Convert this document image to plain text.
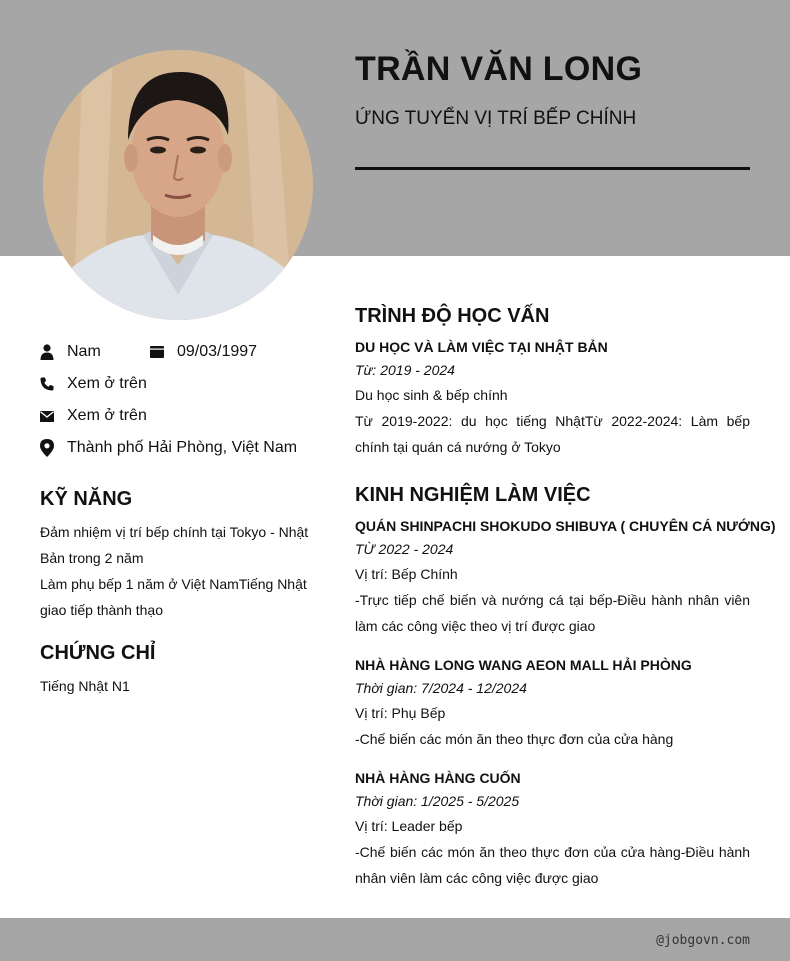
TRẦN VĂN LONG
ỨNG TUYỂN VỊ TRÍ BẾP CHÍNH
Nam	09/03/1997
Xem ở trên
Xem ở trên
Thành phố Hải Phòng, Việt Nam
KỸ NĂNG
Đảm nhiệm vị trí bếp chính tại Tokyo - Nhật Bản trong 2 năm
Làm phụ bếp 1 năm ở Việt NamTiếng Nhật giao tiếp thành thạo
CHỨNG CHỈ
Tiếng Nhật N1
TRÌNH ĐỘ HỌC VẤN
DU HỌC VÀ LÀM VIỆC TẠI NHẬT BẢN
Từ: 2019 - 2024
Du học sinh & bếp chính
Từ 2019-2022: du học tiếng NhậtTừ 2022-2024: Làm bếp chính tại quán cá nướng ở Tokyo
KINH NGHIỆM LÀM VIỆC
QUÁN SHINPACHI SHOKUDO SHIBUYA ( CHUYÊN CÁ NƯỚNG)
TỪ 2022 - 2024
Vị trí: Bếp Chính
-Trực tiếp chế biến và nướng cá tại bếp-Điều hành nhân viên làm các công việc theo vị trí được giao
NHÀ HÀNG LONG WANG AEON MALL HẢI PHÒNG
Thời gian: 7/2024 - 12/2024
Vị trí: Phụ Bếp
-Chế biến các món ăn theo thực đơn của cửa hàng
NHÀ HÀNG HÀNG CUỐN
Thời gian: 1/2025 - 5/2025
Vị trí: Leader bếp
-Chế biến các món ăn theo thực đơn của cửa hàng-Điều hành nhân viên làm các công việc được giao
@jobgovn.com
